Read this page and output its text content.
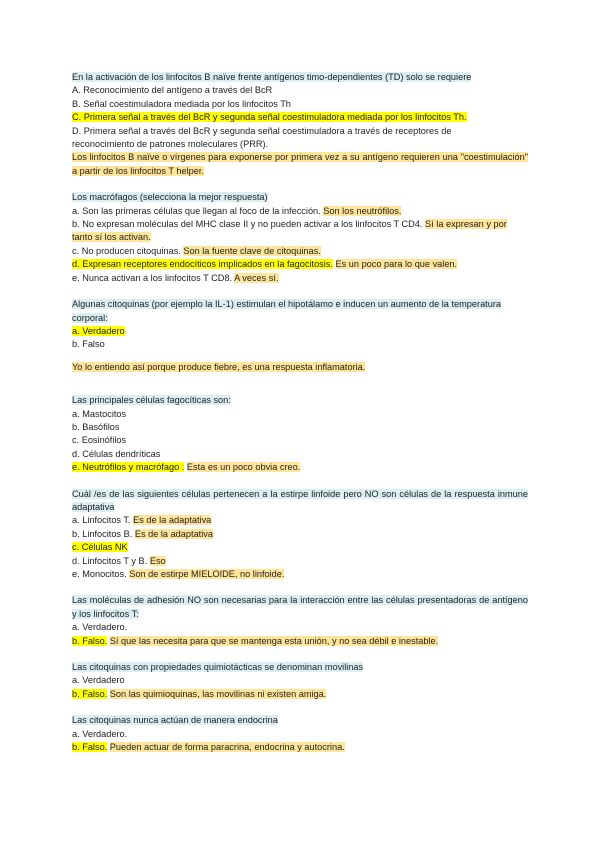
En la activación de los linfocitos B naïve frente antígenos timo-dependientes (TD) solo se requiere
A. Reconocimiento del antígeno a través del BcR
B. Señal coestimuladora mediada por los linfocitos Th
C. Primera señal a través del BcR y segunda señal coestimuladora mediada por los linfocitos Th.
D. Primera señal a través del BcR y segunda señal coestimuladora a través de receptores de
reconocimiento de patrones moleculares (PRR).
Los linfocitos B naïve o vírgenes para exponerse por primera vez a su antígeno requieren una "coestimulación" a partir de los linfocitos T helper.
Los macrófagos (selecciona la mejor respuesta)
a. Son las primeras células que llegan al foco de la infección. Son los neutrófilos.
b. No expresan moléculas del MHC clase II y no pueden activar a los linfocitos T CD4. Sí la expresan y por tanto sí los activan.
c. No producen citoquinas. Son la fuente clave de citoquinas.
d. Expresan receptores endocíticos implicados en la fagocitosis. Es un poco para lo que valen.
e. Nunca activan a los linfocitos T CD8. A veces sí.
Algunas citoquinas (por ejemplo la IL-1) estimulan el hipotálamo e inducen un aumento de la temperatura corporal:
a. Verdadero
b. Falso
Yo lo entiendo así porque produce fiebre, es una respuesta inflamatoria.
Las principales células fagocíticas son:
a. Mastocitos
b. Basófilos
c. Eosinófilos
d. Células dendríticas
e. Neutrófilos y macrófago . Esta es un poco obvia creo.
Cuál /es de las siguientes células pertenecen a la estirpe linfoide pero NO son células de la respuesta inmune adaptativa
a. Linfocitos T. Es de la adaptativa
b. Linfocitos B. Es de la adaptativa
c. Células NK
d. Linfocitos T y B. Eso
e. Monocitos. Son de estirpe MIELOIDE, no linfoide.
Las moléculas de adhesión NO son necesarias para la interacción entre las células presentadoras de antígeno y los linfocitos T:
a. Verdadero.
b. Falso. Sí que las necesita para que se mantenga esta unión, y no sea débil e inestable.
Las citoquinas con propiedades quimiotácticas se denominan movilinas
a. Verdadero
b. Falso. Son las quimioquinas, las movilinas ni existen amiga.
Las citoquinas nunca actúan de manera endocrina
a. Verdadero.
b. Falso. Pueden actuar de forma paracrina, endocrina y autocrina.
